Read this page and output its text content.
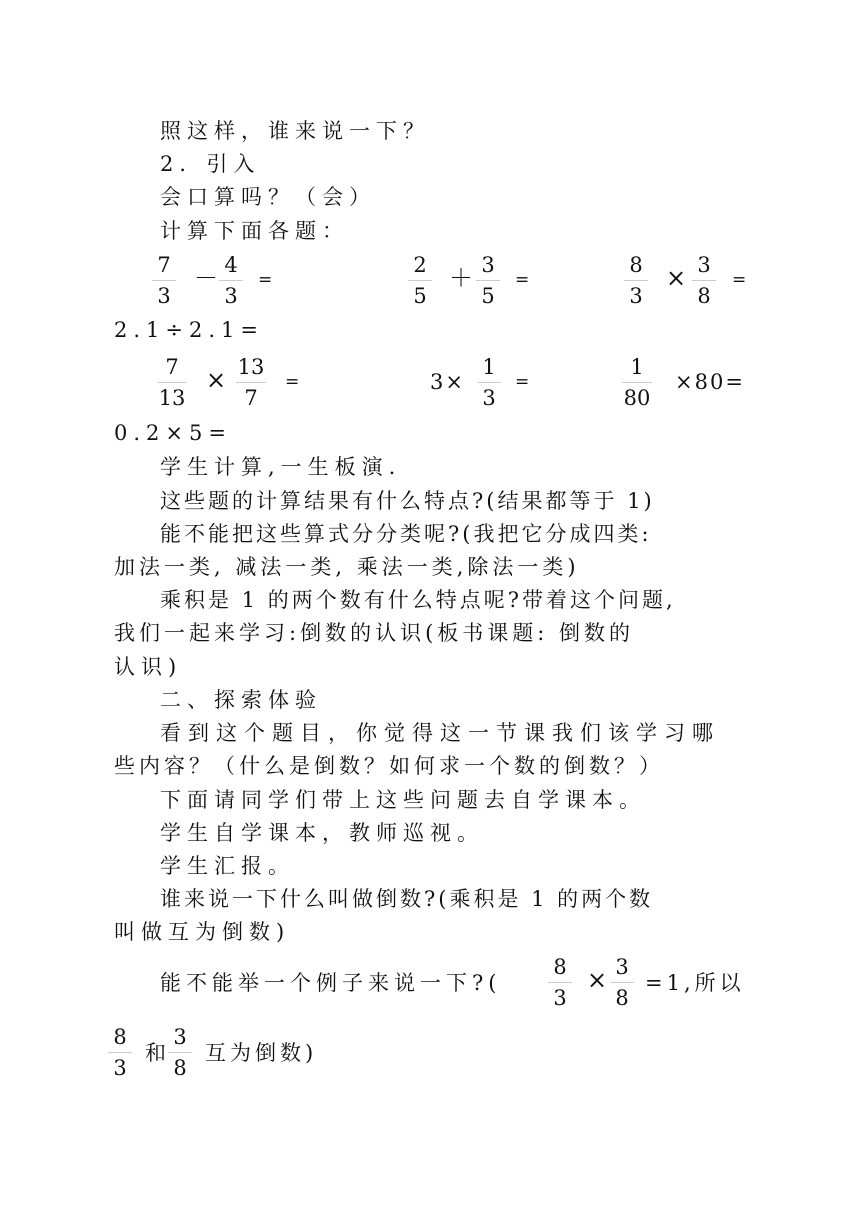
照这样，谁来说一下？
2．引入
会口算吗？（会）
计算下面各题：
7
3
－ 4
3
=
2
5
＋ 3
5
=
8
3
× 3
8
=
2.1÷2.1=
7
13
× 13
7
=	3×
1
3
=
1
80
×80=
0.2×5=
学生计算,一生板演.
这些题的计算结果有什么特点?(结果都等于 1)
能不能把这些算式分分类呢?(我把它分成四类:
加法一类, 减法一类, 乘法一类,除法一类)
乘积是 1 的两个数有什么特点呢?带着这个问题,
我们一起来学习:倒数的认识(板书课题: 倒数的
认识)
二、探索体验
看到这个题目，你觉得这一节课我们该学习哪
些内容？（什么是倒数？如何求一个数的倒数？）
下面请同学们带上这些问题去自学课本。
学生自学课本，教师巡视。
学生汇报。
谁来说一下什么叫做倒数?(乘积是 1 的两个数
叫做互为倒数)
能不能举一个例子来说一下?(
8
3
× 3
8
=1,所以
8
3
和
3
8
互为倒数)
